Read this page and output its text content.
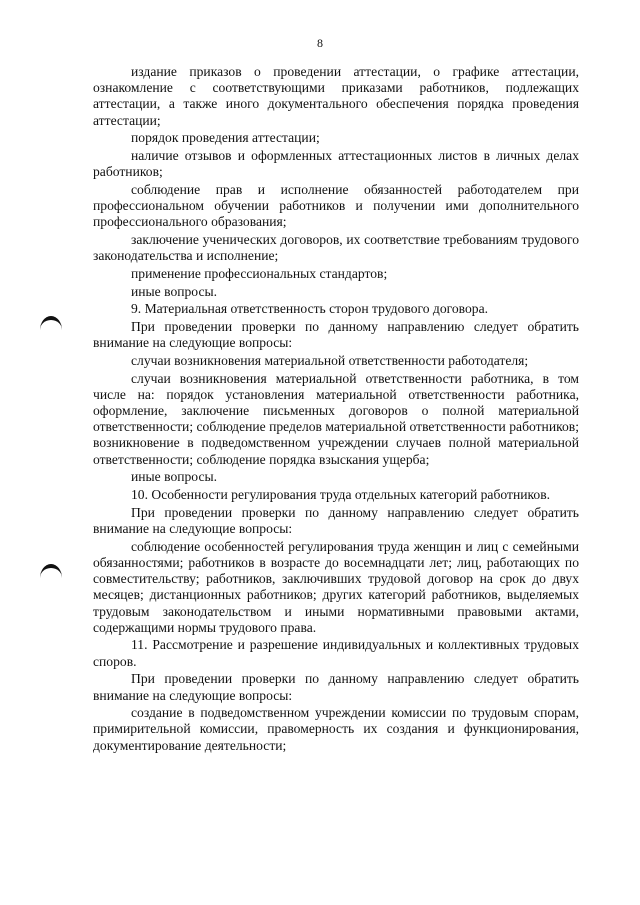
8

издание приказов о проведении аттестации, о графике аттестации, ознакомление с соответствующими приказами работников, подлежащих аттестации, а также иного документального обеспечения порядка проведения аттестации;

порядок проведения аттестации;

наличие отзывов и оформленных аттестационных листов в личных делах работников;

соблюдение прав и исполнение обязанностей работодателем при профессиональном обучении работников и получении ими дополнительного профессионального образования;

заключение ученических договоров, их соответствие требованиям трудового законодательства и исполнение;

применение профессиональных стандартов;

иные вопросы.

9. Материальная ответственность сторон трудового договора.

При проведении проверки по данному направлению следует обратить внимание на следующие вопросы:

случаи возникновения материальной ответственности работодателя;

случаи возникновения материальной ответственности работника, в том числе на: порядок установления материальной ответственности работника, оформление, заключение письменных договоров о полной материальной ответственности; соблюдение пределов материальной ответственности работников; возникновение в подведомственном учреждении случаев полной материальной ответственности; соблюдение порядка взыскания ущерба;

иные вопросы.

10. Особенности регулирования труда отдельных категорий работников.

При проведении проверки по данному направлению следует обратить внимание на следующие вопросы:

соблюдение особенностей регулирования труда женщин и лиц с семейными обязанностями; работников в возрасте до восемнадцати лет; лиц, работающих по совместительству; работников, заключивших трудовой договор на срок до двух месяцев; дистанционных работников; других категорий работников, выделяемых трудовым законодательством и иными нормативными правовыми актами, содержащими нормы трудового права.

11. Рассмотрение и разрешение индивидуальных и коллективных трудовых споров.

При проведении проверки по данному направлению следует обратить внимание на следующие вопросы:

создание в подведомственном учреждении комиссии по трудовым спорам, примирительной комиссии, правомерность их создания и функционирования, документирование деятельности;
